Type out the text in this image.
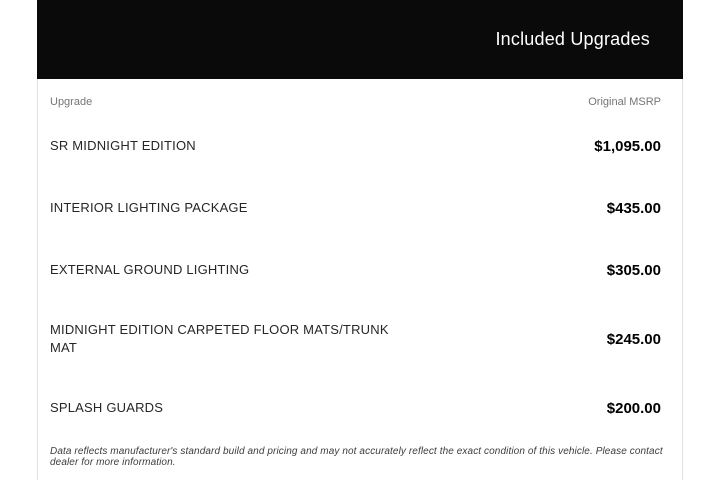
Included Upgrades
Upgrade	Original MSRP
SR MIDNIGHT EDITION	$1,095.00
INTERIOR LIGHTING PACKAGE	$435.00
EXTERNAL GROUND LIGHTING	$305.00
MIDNIGHT EDITION CARPETED FLOOR MATS/TRUNK MAT	$245.00
SPLASH GUARDS	$200.00
Data reflects manufacturer's standard build and pricing and may not accurately reflect the exact condition of this vehicle. Please contact dealer for more information.
